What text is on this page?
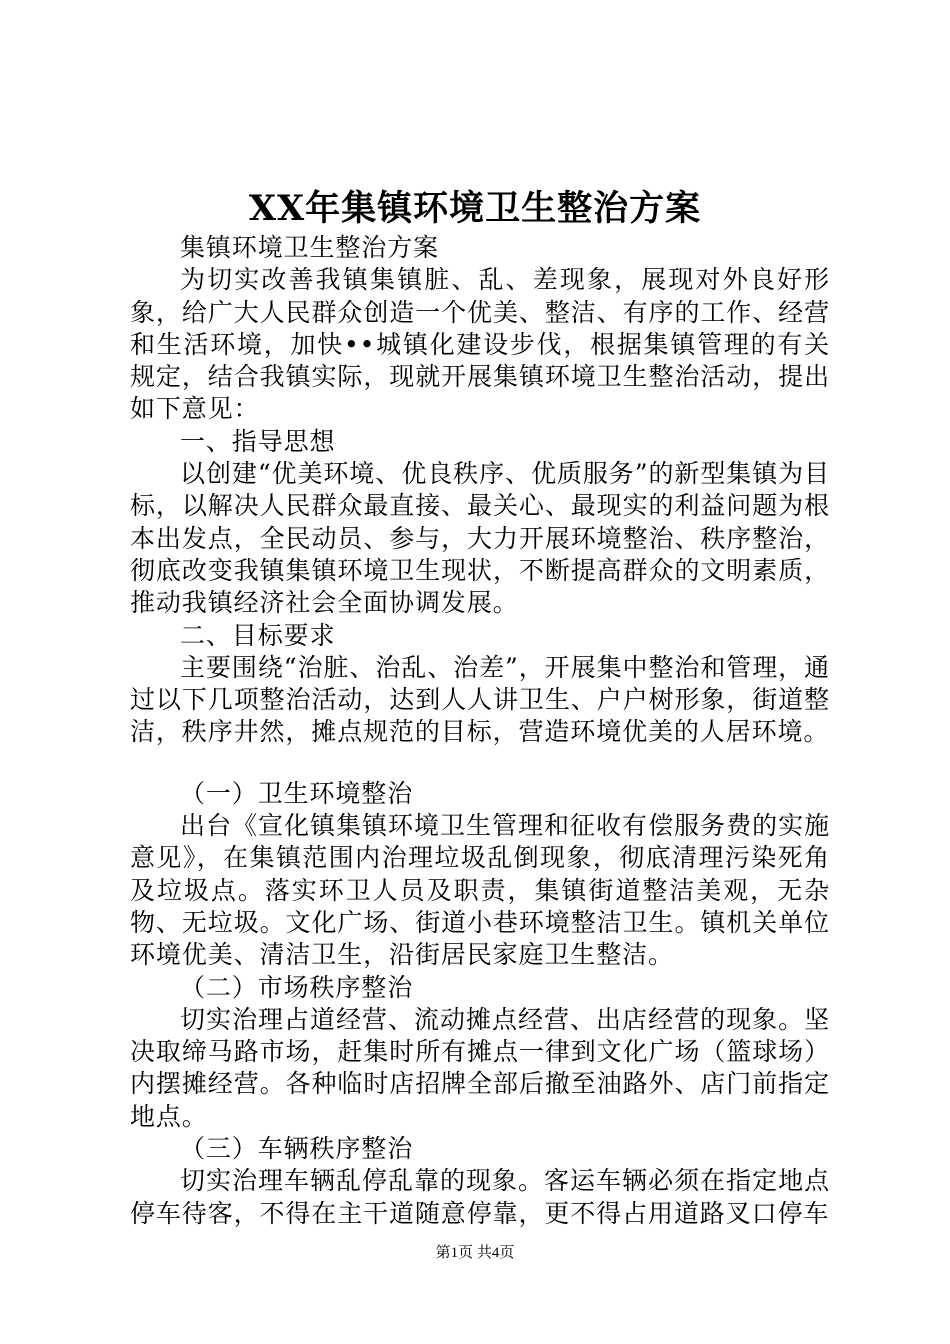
XX年集镇环境卫生整治方案

集镇环境卫生整治方案

为切实改善我镇集镇脏、乱、差现象，展现对外良好形象，给广大人民群众创造一个优美、整洁、有序的工作、经营和生活环境，加快••城镇化建设步伐，根据集镇管理的有关规定，结合我镇实际，现就开展集镇环境卫生整治活动，提出如下意见：

一、指导思想

以创建“优美环境、优良秩序、优质服务”的新型集镇为目标，以解决人民群众最直接、最关心、最现实的利益问题为根本出发点，全民动员、参与，大力开展环境整治、秩序整治，彻底改变我镇集镇环境卫生现状，不断提高群众的文明素质，推动我镇经济社会全面协调发展。

二、目标要求

主要围绕“治脏、治乱、治差”，开展集中整治和管理，通过以下几项整治活动，达到人人讲卫生、户户树形象，街道整洁，秩序井然，摊点规范的目标，营造环境优美的人居环境。

（一）卫生环境整治

出台《宣化镇集镇环境卫生管理和征收有偿服务费的实施意见》，在集镇范围内治理垃圾乱倒现象，彻底清理污染死角及垃圾点。落实环卫人员及职责，集镇街道整洁美观，无杂物、无垃圾。文化广场、街道小巷环境整洁卫生。镇机关单位环境优美、清洁卫生，沿街居民家庭卫生整洁。

（二）市场秩序整治

切实治理占道经营、流动摊点经营、出店经营的现象。坚决取缔马路市场，赶集时所有摊点一律到文化广场（篮球场）内摆摊经营。各种临时店招牌全部后撤至油路外、店门前指定地点。

（三）车辆秩序整治

切实治理车辆乱停乱靠的现象。客运车辆必须在指定地点停车待客，不得在主干道随意停靠，更不得占用道路叉口停车

第1页 共4页
